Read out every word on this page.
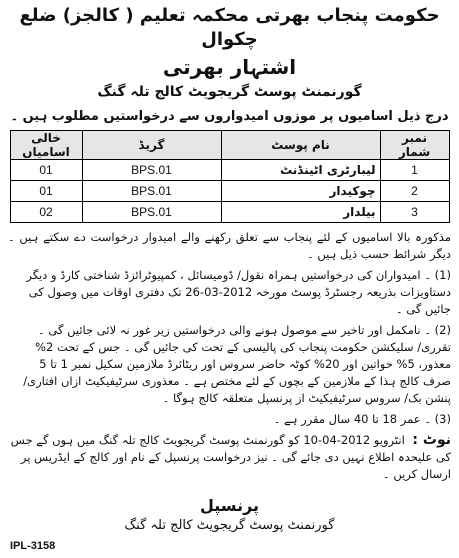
حکومت پنجاب بھرتی محکمہ تعلیم ( کالجز) ضلع چکوال
اشتہار بھرتی
گورنمنٹ پوسٹ گریجویٹ کالج تلہ گنگ
درج ذیل اسامیوں پر موزوں امیدواروں سے درخواستیں مطلوب ہیں ۔
نمبر شمار	نام پوسٹ	گریڈ	خالی اسامیاں
1	لیبارٹری اٹینڈنٹ	BPS.01	01
2	چوکیدار	BPS.01	01
3	بیلدار	BPS.01	02
مذکورہ بالا اسامیوں کے لئے پنجاب سے تعلق رکھنے والے امیدوار درخواست دے سکتے ہیں ۔ دیگر شرائط حسب ذیل ہیں ۔
(1) ۔ امیدواران کی درخواستیں ہمراہ نقول/ ڈومیسائل ، کمپیوٹرائزڈ شناختی کارڈ و دیگر دستاویزات بذریعہ رجسٹرڈ پوسٹ مورخہ 2012-03-26 تک دفتری اوقات میں وصول کی جائیں گی ۔
(2) ۔ نامکمل اور تاخیر سے موصول ہونے والی درخواستیں زیر غور نہ لائی جائیں گی ۔ تقرری/ سلیکشن حکومت پنجاب کی پالیسی کے تحت کی جائیں گی ۔ جس کے تحت 2% معذور، 5% خواتین اور 20% کوٹہ حاضر سروس اور ریٹائرڈ ملازمین سکیل نمبر 1 تا 5 صرف کالج ہذا کے ملازمین کے بچوں کے لئے مختص ہے ۔ معذوری سرٹیفیکیٹ ازاں افتاری/ پنشن بک/ سروس سرٹیفیکیٹ از پرنسپل متعلقہ کالج ہوگا ۔
(3) ۔ عمر 18 تا 40 سال مقرر ہے ۔
نوٹ : انٹرویو 2012-04-10 کو گورنمنٹ پوسٹ گریجویٹ کالج تلہ گنگ میں ہوں گے جس کی علیحدہ اطلاع نہیں دی جائے گی ۔ نیز درخواست پرنسپل کے نام اور کالج کے ایڈریس پر ارسال کریں ۔
پرنسپل
گورنمنٹ پوسٹ گریجویٹ کالج تلہ گنگ
IPL-3158
